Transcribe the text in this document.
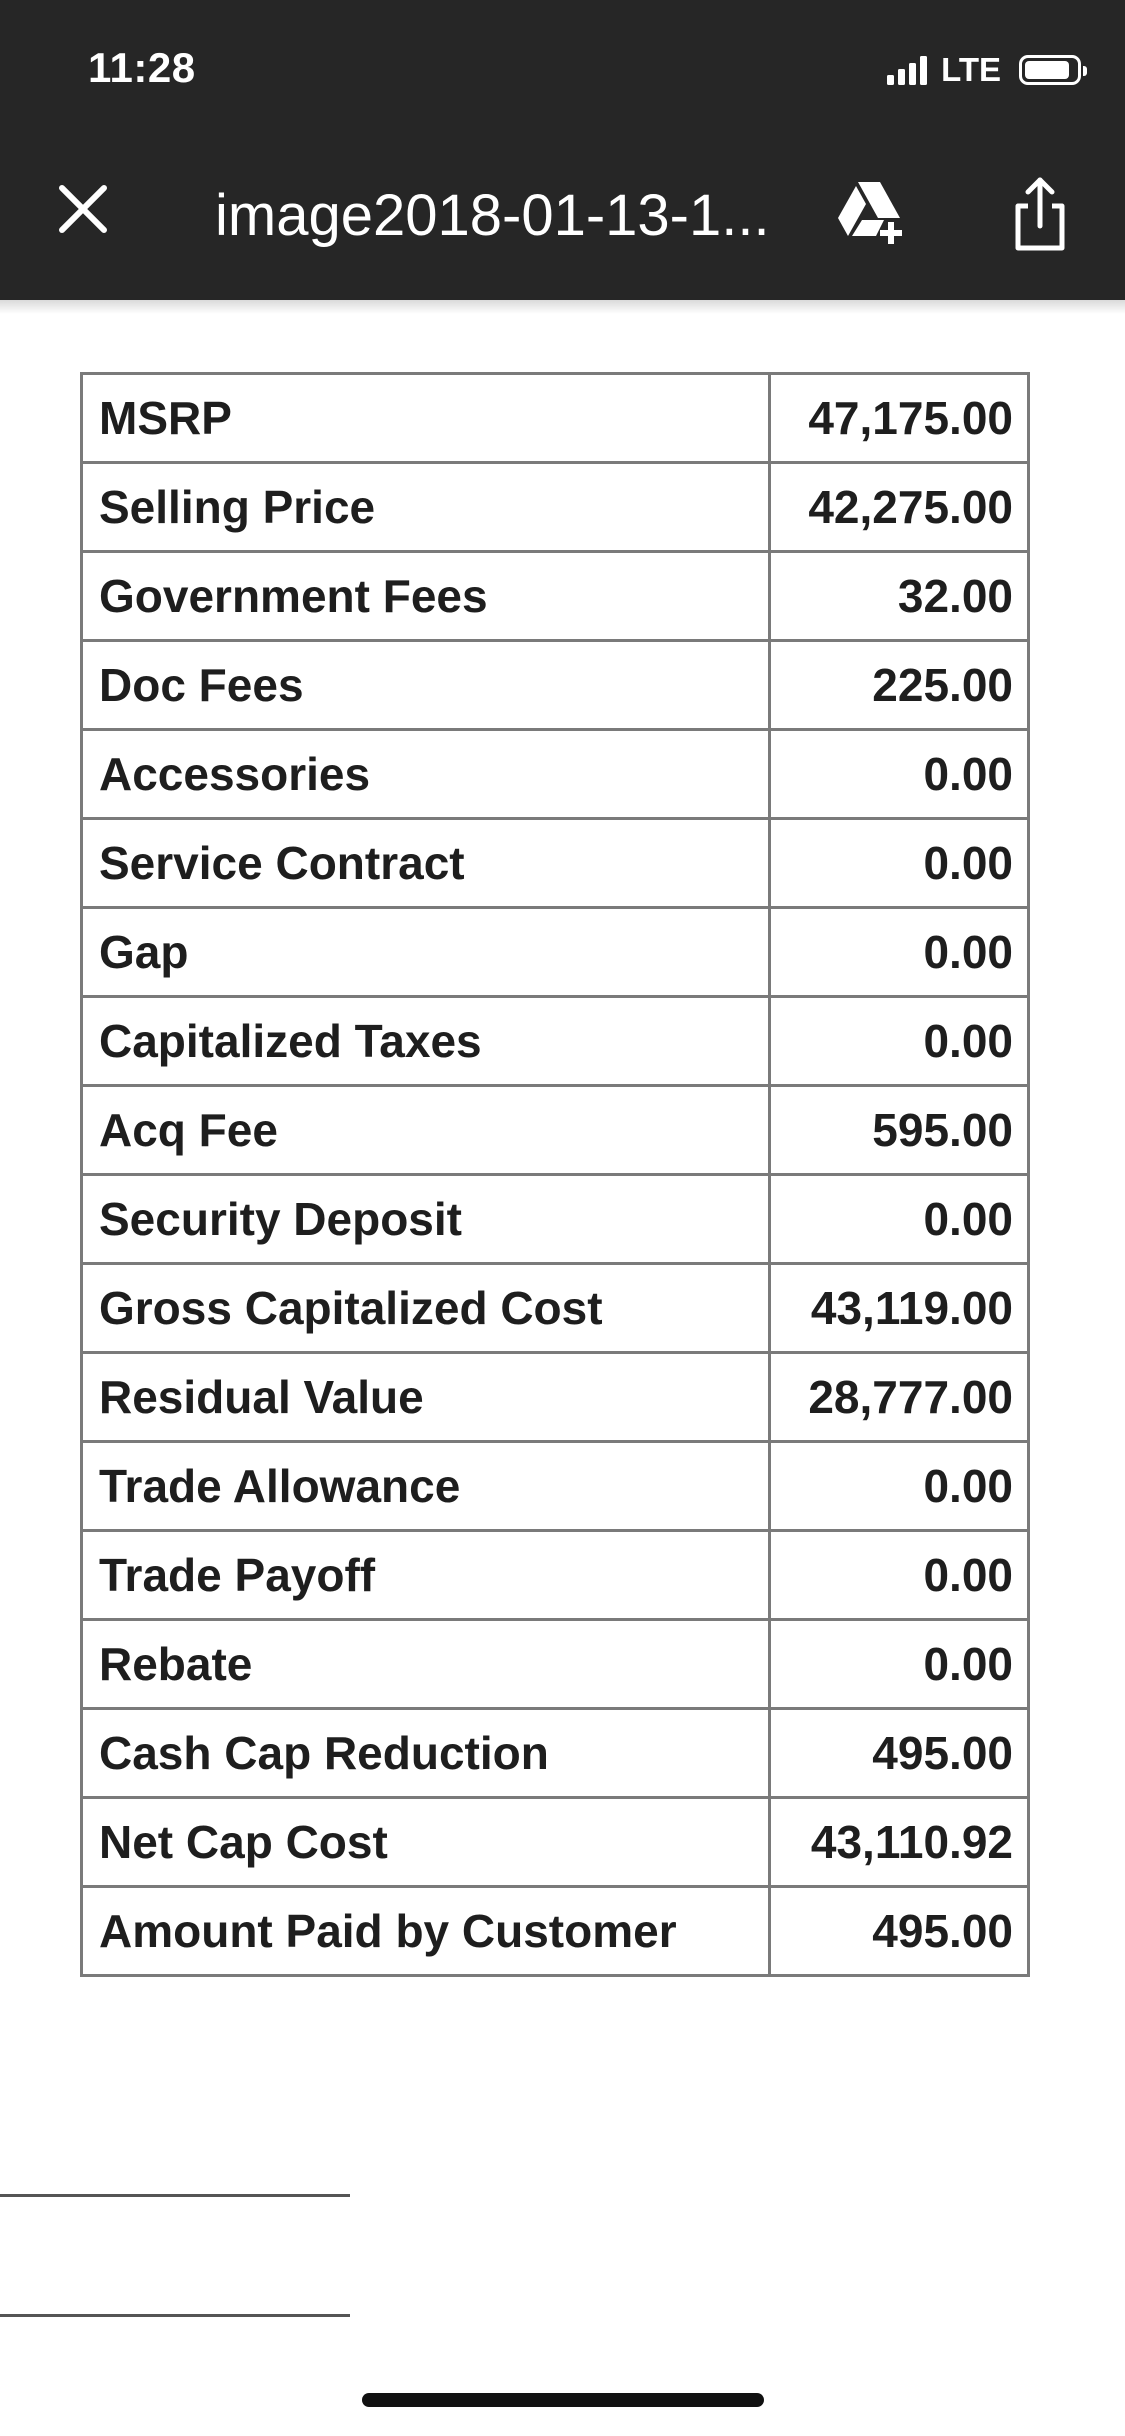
11:28	LTE
image2018-01-13-1...
MSRP	47,175.00
Selling Price	42,275.00
Government Fees	32.00
Doc Fees	225.00
Accessories	0.00
Service Contract	0.00
Gap	0.00
Capitalized Taxes	0.00
Acq Fee	595.00
Security Deposit	0.00
Gross Capitalized Cost	43,119.00
Residual Value	28,777.00
Trade Allowance	0.00
Trade Payoff	0.00
Rebate	0.00
Cash Cap Reduction	495.00
Net Cap Cost	43,110.92
Amount Paid by Customer	495.00
